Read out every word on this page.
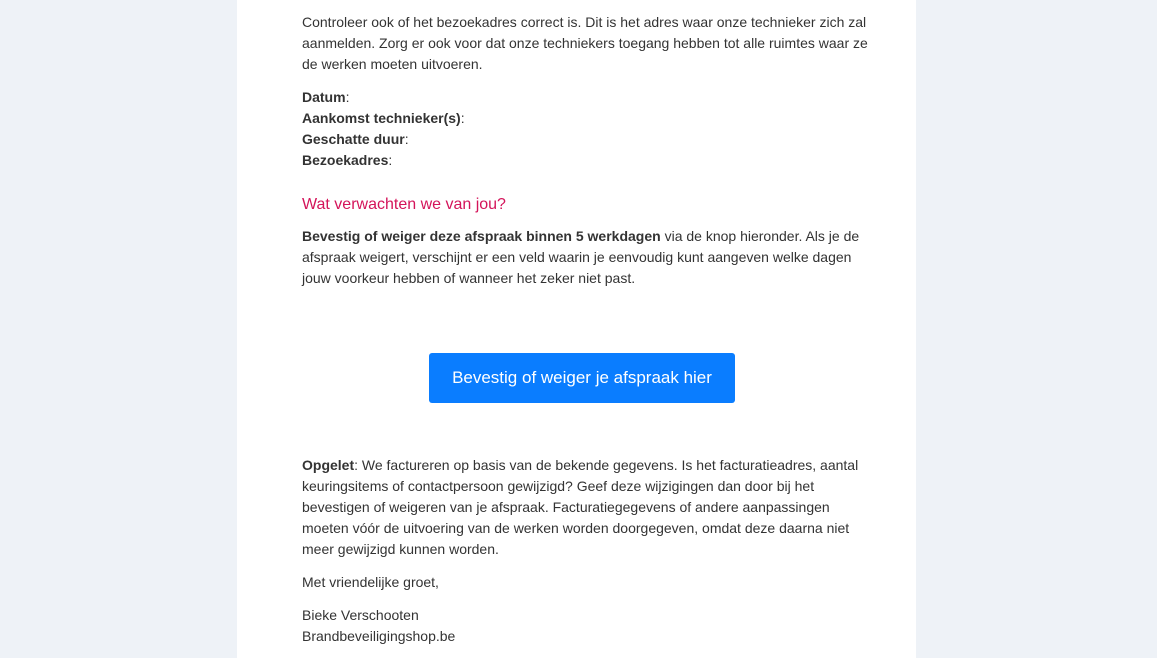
Controleer ook of het bezoekadres correct is. Dit is het adres waar onze technieker zich zal aanmelden. Zorg er ook voor dat onze techniekers toegang hebben tot alle ruimtes waar ze de werken moeten uitvoeren.

Datum:
Aankomst technieker(s):
Geschatte duur:
Bezoekadres:
Wat verwachten we van jou?

Bevestig of weiger deze afspraak binnen 5 werkdagen via de knop hieronder. Als je de afspraak weigert, verschijnt er een veld waarin je eenvoudig kunt aangeven welke dagen jouw voorkeur hebben of wanneer het zeker niet past.

Bevestig of weiger je afspraak hier

Opgelet: We factureren op basis van de bekende gegevens. Is het facturatieadres, aantal keuringsitems of contactpersoon gewijzigd? Geef deze wijzigingen dan door bij het bevestigen of weigeren van je afspraak. Facturatiegegevens of andere aanpassingen moeten vóór de uitvoering van de werken worden doorgegeven, omdat deze daarna niet meer gewijzigd kunnen worden.

Met vriendelijke groet,

Bieke Verschooten
Brandbeveiligingshop.be
